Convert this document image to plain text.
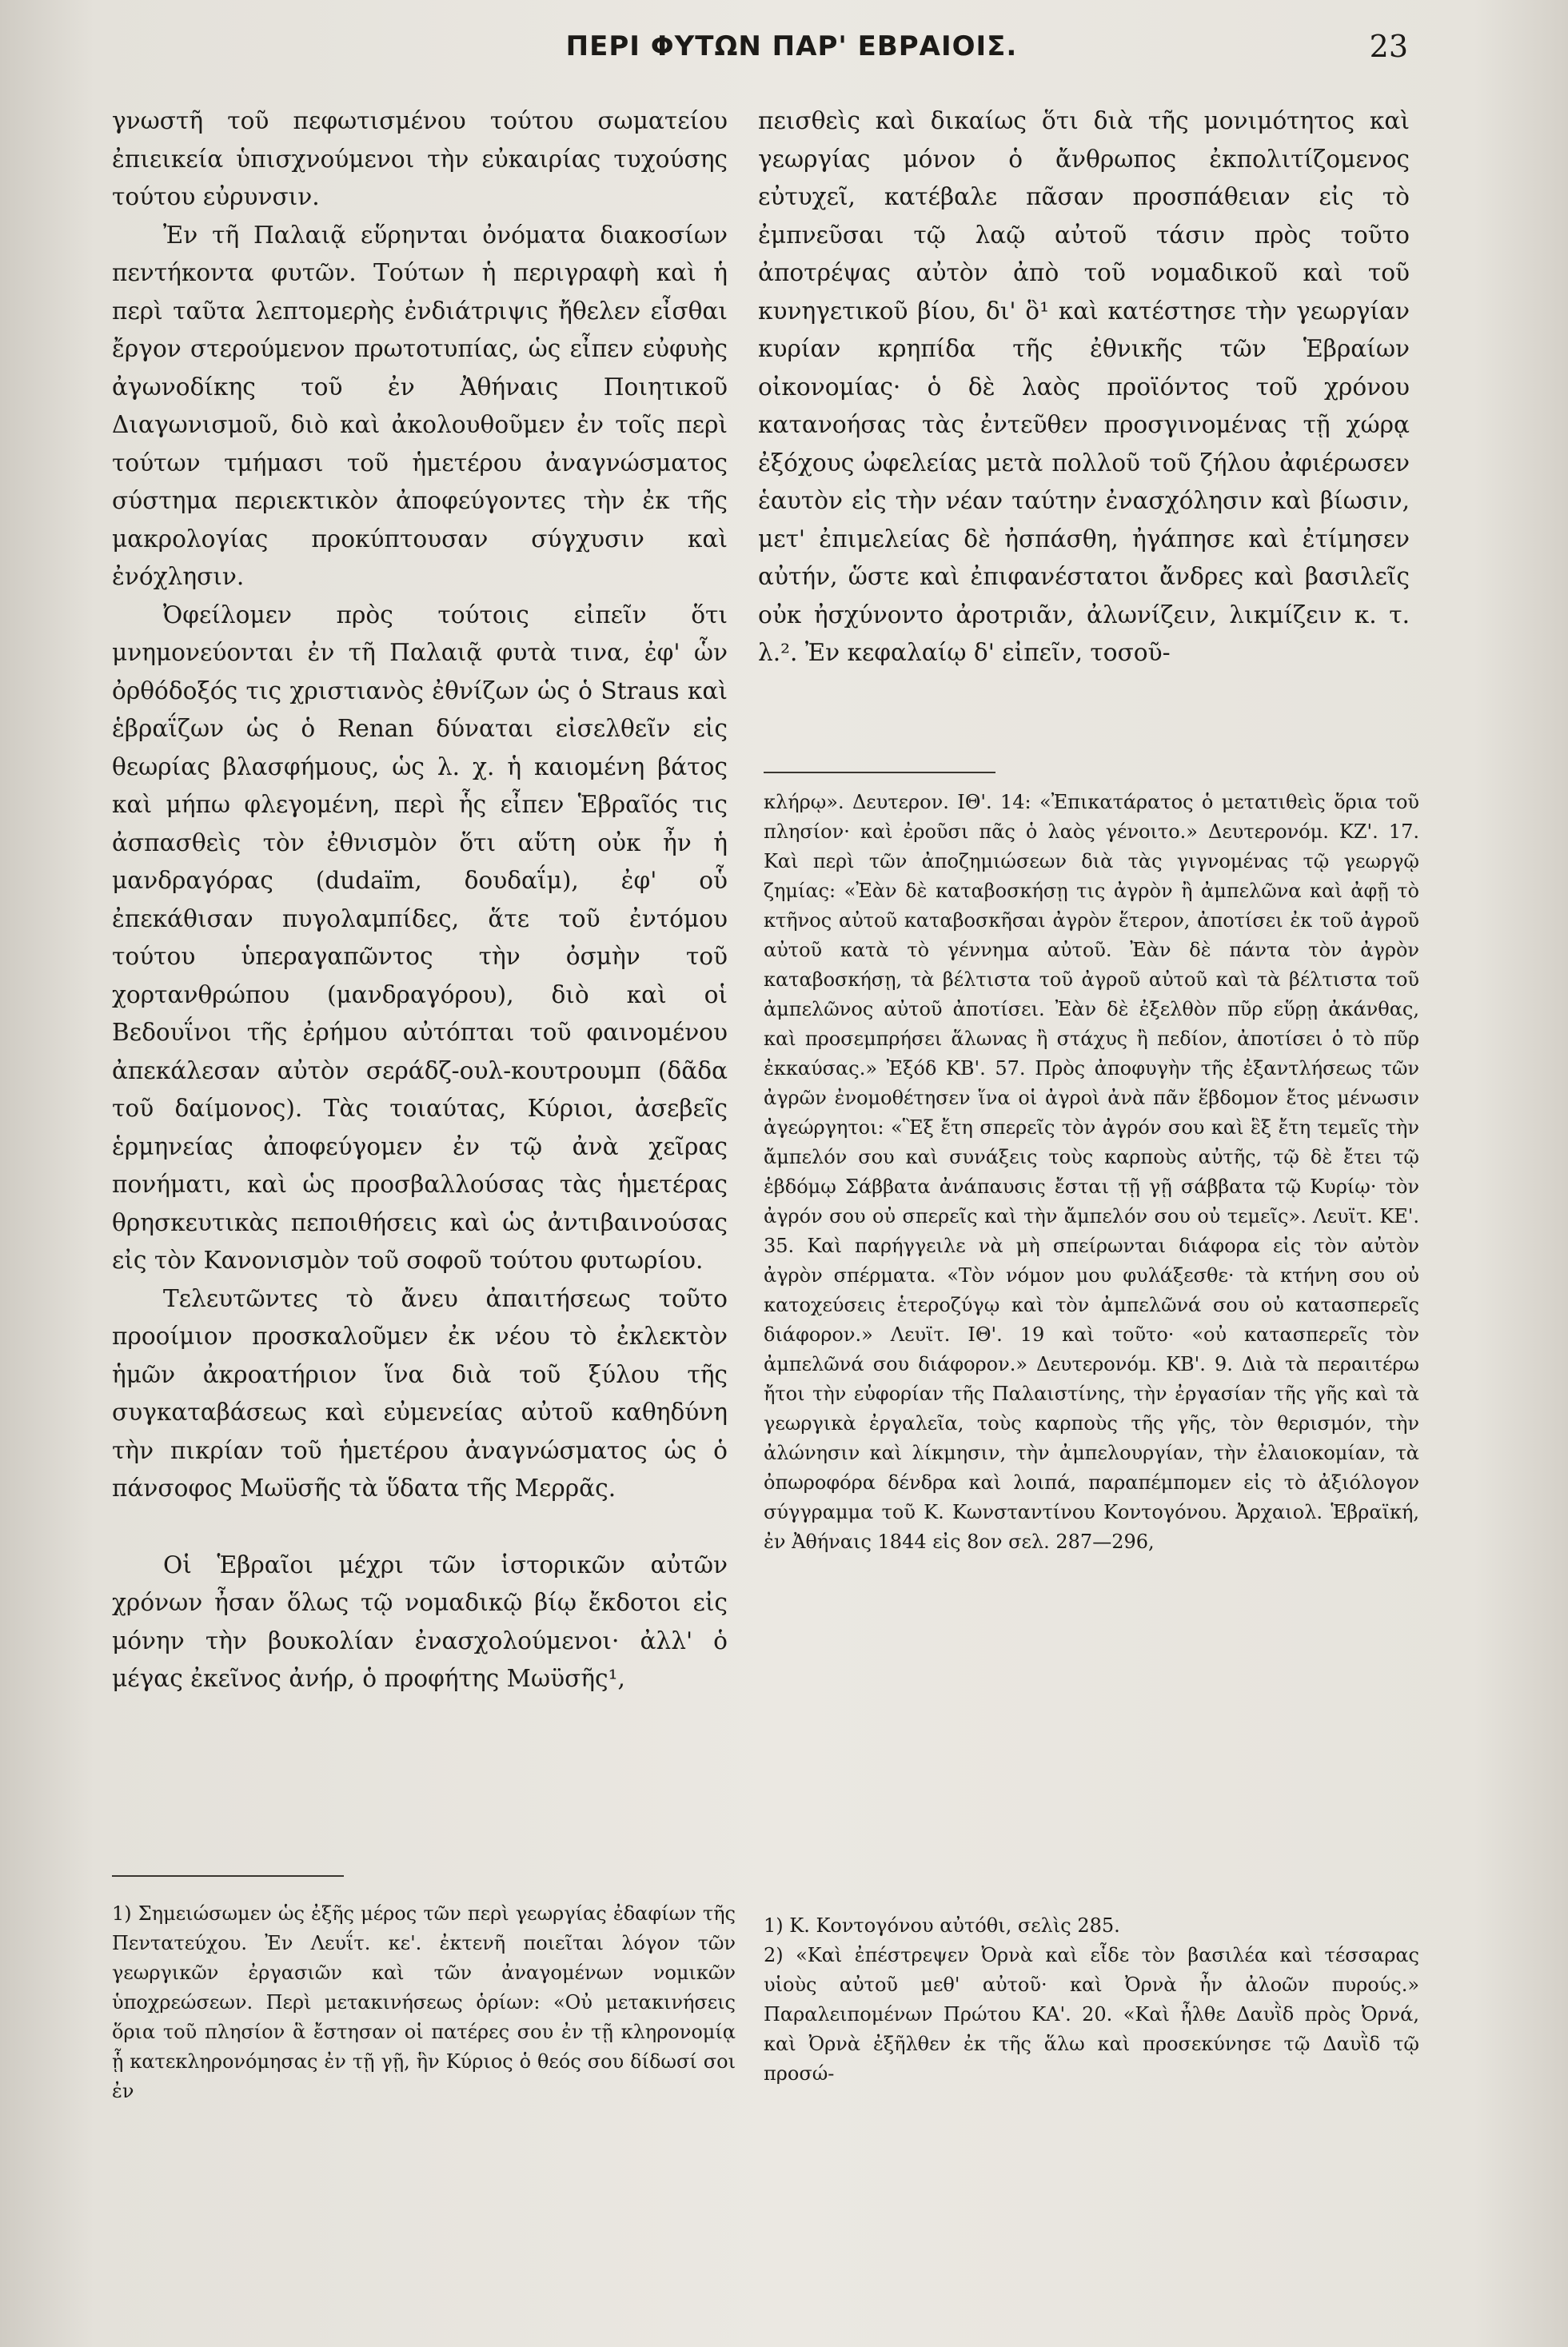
ΠΕΡΙ ΦΥΤΩΝ ΠΑΡ' ΕΒΡΑΙΟΙΣ.	23

γνωστῆ τοῦ πεφωτισμένου τούτου σωματείου ἐπιεικεία ὑπισχνούμενοι τὴν εὐκαιρίας τυχούσης τούτου εὐρυνσιν.

Ἐν τῆ Παλαιᾷ εὕρηνται ὀνόματα διακοσίων πεντήκοντα φυτῶν. Τούτων ἡ περιγραφὴ καὶ ἡ περὶ ταῦτα λεπτομερὴς ἐνδιάτριψις ἤθελεν εἶσθαι ἔργον στερούμενον πρωτοτυπίας, ὡς εἶπεν εὐφυὴς ἀγωνοδίκης τοῦ ἐν Ἀθήναις Ποιητικοῦ Διαγωνισμοῦ, διὸ καὶ ἀκολουθοῦμεν ἐν τοῖς περὶ τούτων τμήμασι τοῦ ἡμετέρου ἀναγνώσματος σύστημα περιεκτικὸν ἀποφεύγοντες τὴν ἐκ τῆς μακρολογίας προκύπτουσαν σύγχυσιν καὶ ἐνόχλησιν.

Ὀφείλομεν πρὸς τούτοις εἰπεῖν ὅτι μνημονεύονται ἐν τῆ Παλαιᾷ φυτὰ τινα, ἐφ' ὧν ὀρθόδοξός τις χριστιανὸς ἐθνίζων ὡς ὁ Straus καὶ ἑβραΐζων ὡς ὁ Renan δύναται εἰσελθεῖν εἰς θεωρίας βλασφήμους, ὡς λ. χ. ἡ καιομένη βάτος καὶ μήπω φλεγομένη, περὶ ἧς εἶπεν Ἑβραῖός τις ἀσπασθεὶς τὸν ἐθνισμὸν ὅτι αὕτη οὐκ ἦν ἡ μανδραγόρας (dudaïm, δουδαΐμ), ἐφ' οὗ ἐπεκάθισαν πυγολαμπίδες, ἅτε τοῦ ἐντόμου τούτου ὑπεραγαπῶντος τὴν ὀσμὴν τοῦ χορτανθρώπου (μανδραγόρου), διὸ καὶ οἱ Βεδουΐνοι τῆς ἐρήμου αὐτόπται τοῦ φαινομένου ἀπεκάλεσαν αὐτὸν σεράδζ-ουλ-κουτρουμπ (δᾶδα τοῦ δαίμονος). Τὰς τοιαύτας, Κύριοι, ἀσεβεῖς ἑρμηνείας ἀποφεύγομεν ἐν τῷ ἀνὰ χεῖρας πονήματι, καὶ ὡς προσβαλλούσας τὰς ἡμετέρας θρησκευτικὰς πεποιθήσεις καὶ ὡς ἀντιβαινούσας εἰς τὸν Κανονισμὸν τοῦ σοφοῦ τούτου φυτωρίου.

Τελευτῶντες τὸ ἄνευ ἀπαιτήσεως τοῦτο προοίμιον προσκαλοῦμεν ἐκ νέου τὸ ἐκλεκτὸν ἡμῶν ἀκροατήριον ἵνα διὰ τοῦ ξύλου τῆς συγκαταβάσεως καὶ εὐμενείας αὐτοῦ καθηδύνη τὴν πικρίαν τοῦ ἡμετέρου ἀναγνώσματος ὡς ὁ πάνσοφος Μωϋσῆς τὰ ὕδατα τῆς Μερρᾶς.

Οἱ Ἑβραῖοι μέχρι τῶν ἱστορικῶν αὐτῶν χρόνων ἦσαν ὅλως τῷ νομαδικῷ βίῳ ἔκδοτοι εἰς μόνην τὴν βουκολίαν ἐνασχολούμενοι· ἀλλ' ὁ μέγας ἐκεῖνος ἀνήρ, ὁ προφήτης Μωϋσῆς¹,

1) Σημειώσωμεν ὡς ἐξῆς μέρος τῶν περὶ γεωργίας ἐδαφίων τῆς Πεντατεύχου. Ἐν Λευΐτ. κε'. ἐκτενῆ ποιεῖται λόγον τῶν γεωργικῶν ἐργασιῶν καὶ τῶν ἀναγομένων νομικῶν ὑποχρεώσεων. Περὶ μετακινήσεως ὁρίων: «Οὐ μετακινήσεις ὅρια τοῦ πλησίον ἃ ἔστησαν οἱ πατέρες σου ἐν τῇ κληρονομίᾳ ᾗ κατεκληρονόμησας ἐν τῇ γῇ, ἣν Κύριος ὁ θεός σου δίδωσί σοι ἐν

πεισθεὶς καὶ δικαίως ὅτι διὰ τῆς μονιμότητος καὶ γεωργίας μόνον ὁ ἄνθρωπος ἐκπολιτίζομενος εὐτυχεῖ, κατέβαλε πᾶσαν προσπάθειαν εἰς τὸ ἐμπνεῦσαι τῷ λαῷ αὐτοῦ τάσιν πρὸς τοῦτο ἀποτρέψας αὐτὸν ἀπὸ τοῦ νομαδικοῦ καὶ τοῦ κυνηγετικοῦ βίου, δι' ὃ¹ καὶ κατέστησε τὴν γεωργίαν κυρίαν κρηπίδα τῆς ἐθνικῆς τῶν Ἑβραίων οἰκονομίας· ὁ δὲ λαὸς προϊόντος τοῦ χρόνου κατανοήσας τὰς ἐντεῦθεν προσγινομένας τῇ χώρᾳ ἐξόχους ὠφελείας μετὰ πολλοῦ τοῦ ζήλου ἀφιέρωσεν ἑαυτὸν εἰς τὴν νέαν ταύτην ἐνασχόλησιν καὶ βίωσιν, μετ' ἐπιμελείας δὲ ἠσπάσθη, ἠγάπησε καὶ ἐτίμησεν αὐτήν, ὥστε καὶ ἐπιφανέστατοι ἄνδρες καὶ βασιλεῖς οὐκ ἠσχύνοντο ἀροτριᾶν, ἀλωνίζειν, λικμίζειν κ. τ. λ.². Ἐν κεφαλαίῳ δ' εἰπεῖν, τοσοῦ-

κλήρῳ». Δευτερον. ΙΘ'. 14: «Ἐπικατάρατος ὁ μετατιθεὶς ὅρια τοῦ πλησίον· καὶ ἐροῦσι πᾶς ὁ λαὸς γένοιτο.» Δευτερονόμ. ΚΖ'. 17. Καὶ περὶ τῶν ἀποζημιώσεων διὰ τὰς γιγνομένας τῷ γεωργῷ ζημίας: «Ἐὰν δὲ καταβοσκήσῃ τις ἀγρὸν ἢ ἀμπελῶνα καὶ ἀφῇ τὸ κτῆνος αὐτοῦ καταβοσκῆσαι ἀγρὸν ἕτερον, ἀποτίσει ἐκ τοῦ ἀγροῦ αὐτοῦ κατὰ τὸ γέννημα αὐτοῦ. Ἐὰν δὲ πάντα τὸν ἀγρὸν καταβοσκήσῃ, τὰ βέλτιστα τοῦ ἀγροῦ αὐτοῦ καὶ τὰ βέλτιστα τοῦ ἀμπελῶνος αὐτοῦ ἀποτίσει. Ἐὰν δὲ ἐξελθὸν πῦρ εὕρῃ ἀκάνθας, καὶ προσεμπρήσει ἅλωνας ἢ στάχυς ἢ πεδίον, ἀποτίσει ὁ τὸ πῦρ ἐκκαύσας.» Ἐξόδ ΚΒ'. 57. Πρὸς ἀποφυγὴν τῆς ἐξαντλήσεως τῶν ἀγρῶν ἐνομοθέτησεν ἵνα οἱ ἀγροὶ ἀνὰ πᾶν ἕβδομον ἔτος μένωσιν ἀγεώργητοι: «Ἓξ ἔτη σπερεῖς τὸν ἀγρόν σου καὶ ἓξ ἔτη τεμεῖς τὴν ἄμπελόν σου καὶ συνάξεις τοὺς καρποὺς αὐτῆς, τῷ δὲ ἔτει τῷ ἑβδόμῳ Σάββατα ἀνάπαυσις ἔσται τῇ γῇ σάββατα τῷ Κυρίῳ· τὸν ἀγρόν σου οὐ σπερεῖς καὶ τὴν ἄμπελόν σου οὐ τεμεῖς». Λευϊτ. ΚΕ'. 35. Καὶ παρήγγειλε νὰ μὴ σπείρωνται διάφορα εἰς τὸν αὐτὸν ἀγρὸν σπέρματα. «Τὸν νόμον μου φυλάξεσθε· τὰ κτήνη σου οὐ κατοχεύσεις ἑτεροζύγῳ καὶ τὸν ἀμπελῶνά σου οὐ κατασπερεῖς διάφορον.» Λευϊτ. ΙΘ'. 19 καὶ τοῦτο· «οὐ κατασπερεῖς τὸν ἀμπελῶνά σου διάφορον.» Δευτερονόμ. ΚΒ'. 9. Διὰ τὰ περαιτέρω ἤτοι τὴν εὐφορίαν τῆς Παλαιστίνης, τὴν ἐργασίαν τῆς γῆς καὶ τὰ γεωργικὰ ἐργαλεῖα, τοὺς καρποὺς τῆς γῆς, τὸν θερισμόν, τὴν ἀλώνησιν καὶ λίκμησιν, τὴν ἀμπελουργίαν, τὴν ἐλαιοκομίαν, τὰ ὀπωροφόρα δένδρα καὶ λοιπά, παραπέμπομεν εἰς τὸ ἀξιόλογον σύγγραμμα τοῦ Κ. Κωνσταντίνου Κοντογόνου. Ἀρχαιολ. Ἑβραϊκή, ἐν Ἀθήναις 1844 εἰς 8ον σελ. 287—296,

1) Κ. Κοντογόνου αὐτόθι, σελὶς 285.

2) «Καὶ ἐπέστρεψεν Ὀρνὰ καὶ εἶδε τὸν βασιλέα καὶ τέσσαρας υἱοὺς αὐτοῦ μεθ' αὐτοῦ· καὶ Ὀρνὰ ἦν ἀλοῶν πυρούς.» Παραλειπομένων Πρώτου ΚΑ'. 20. «Καὶ ἦλθε Δαυῒδ πρὸς Ὀρνά, καὶ Ὀρνὰ ἐξῆλθεν ἐκ τῆς ἅλω καὶ προσεκύνησε τῷ Δαυῒδ τῷ προσώ-
